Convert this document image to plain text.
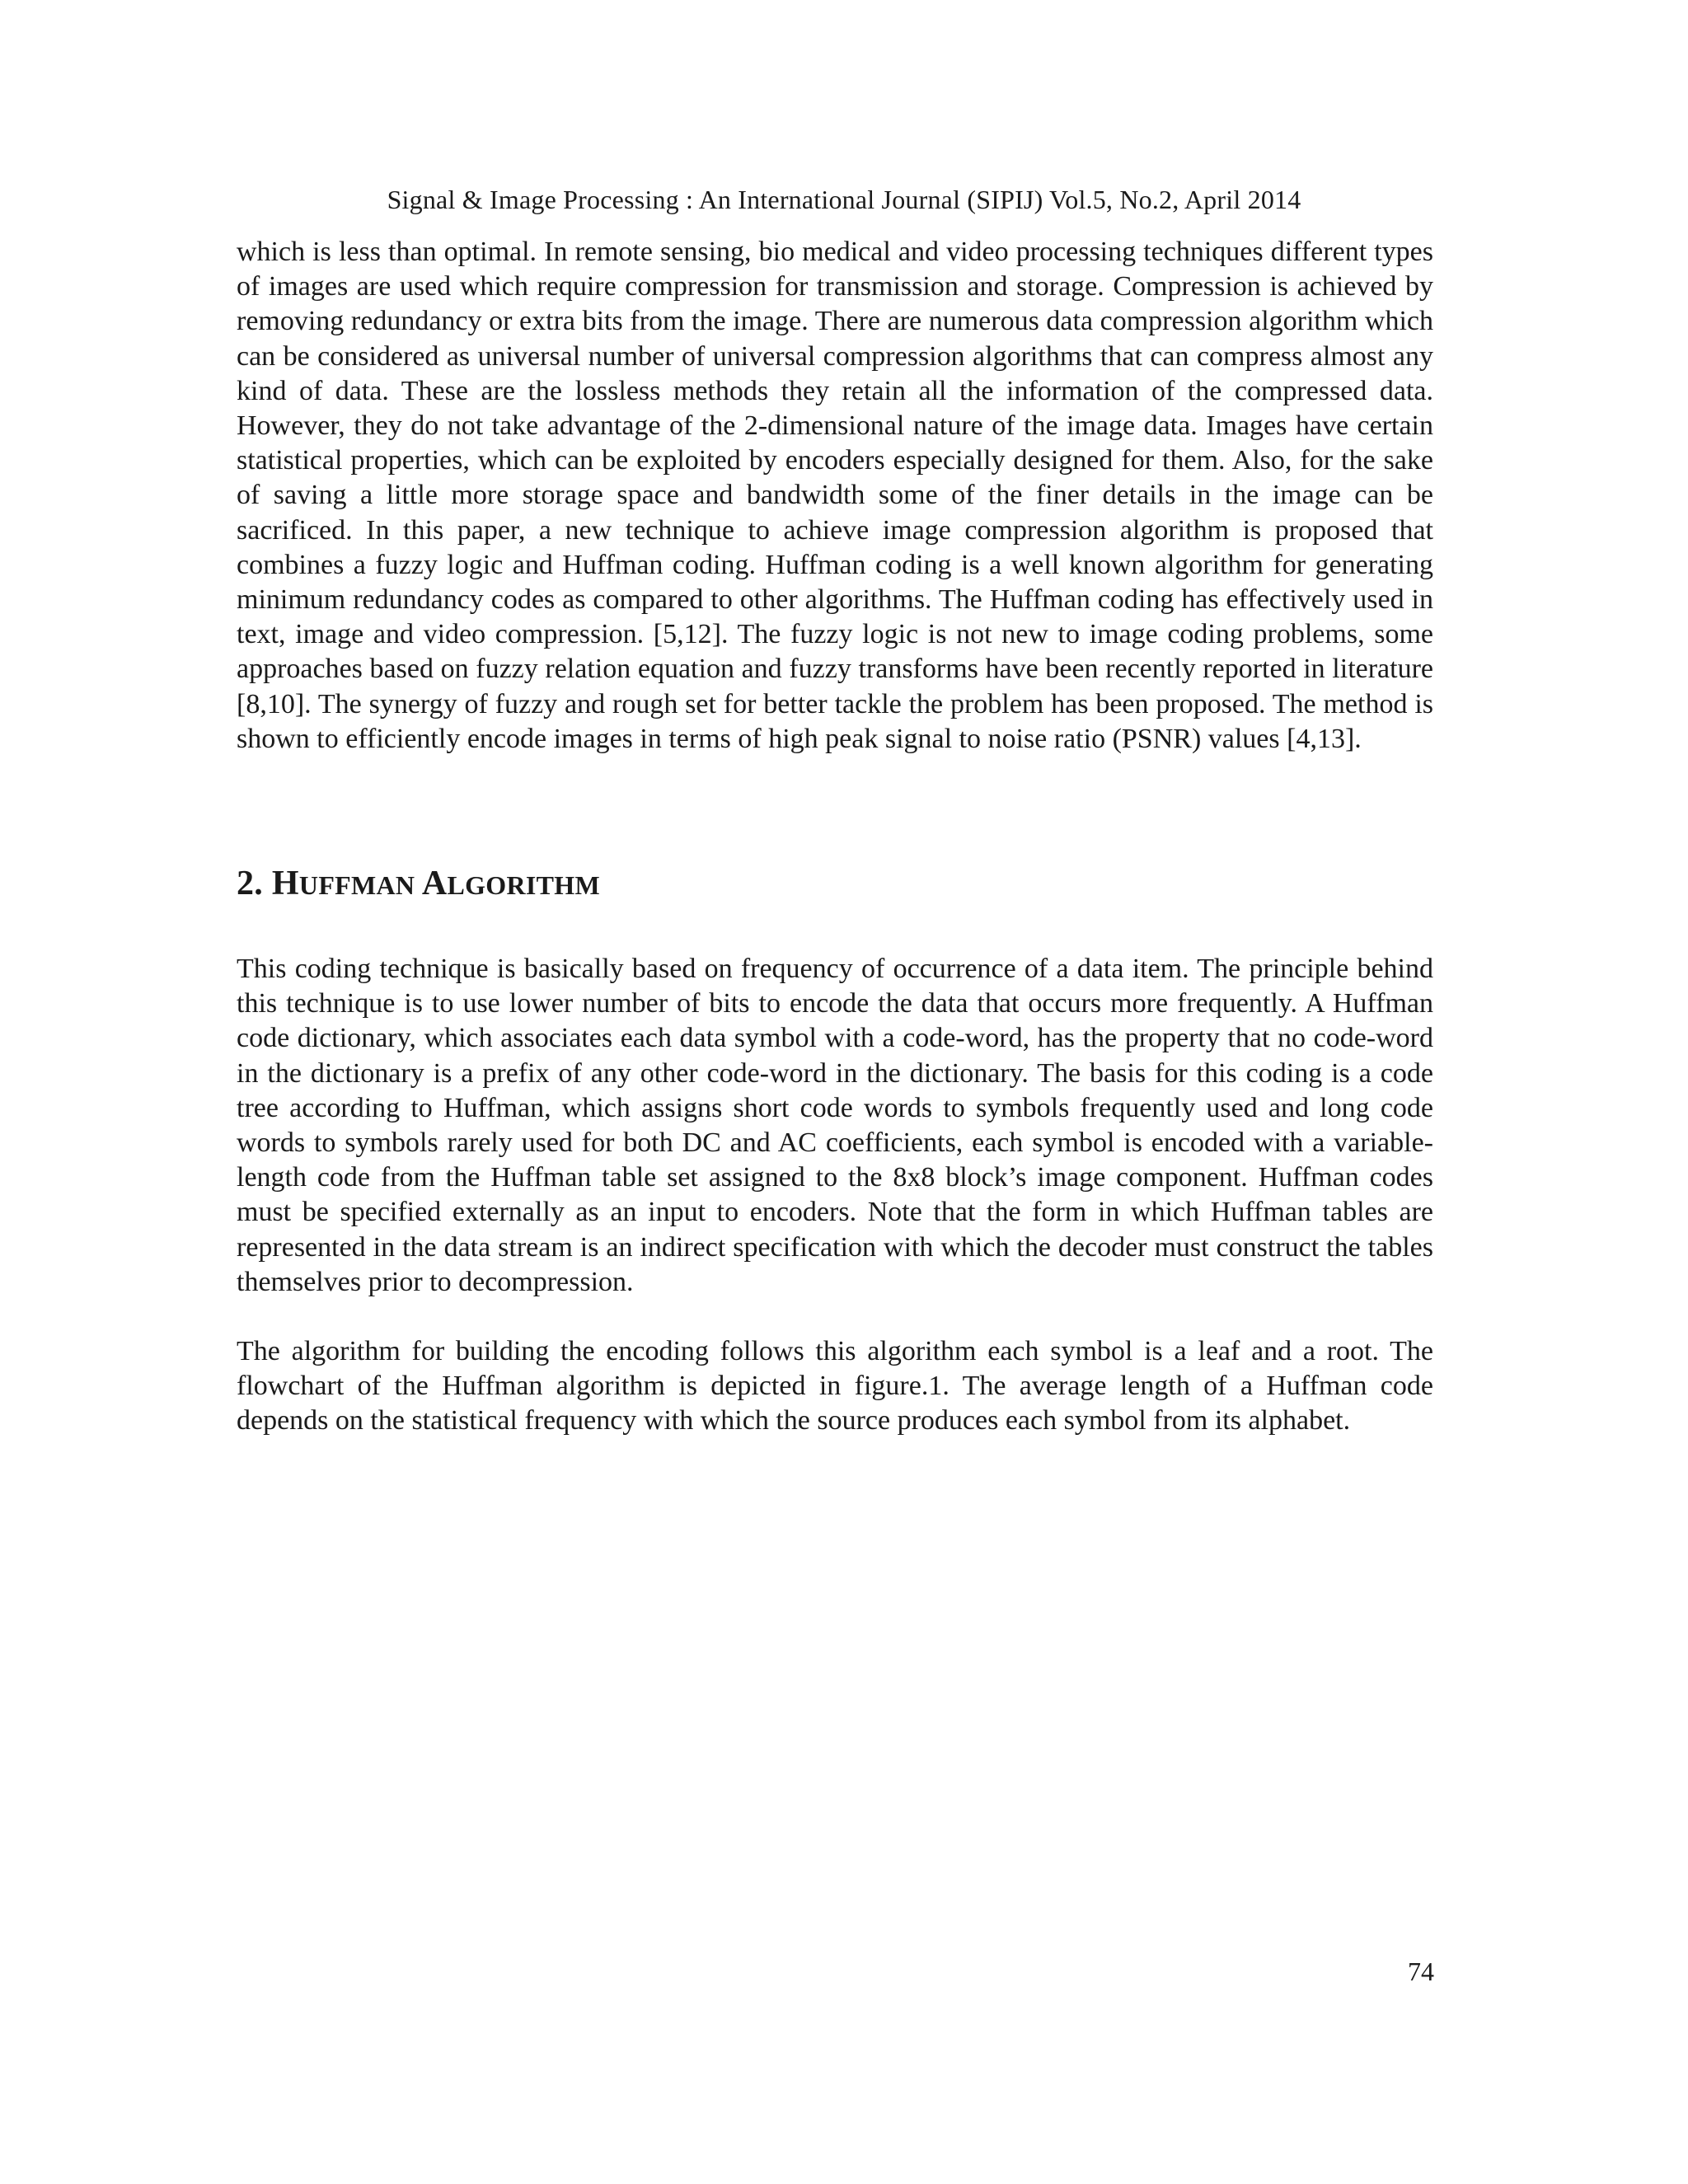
Signal & Image Processing : An International Journal (SIPIJ) Vol.5, No.2, April 2014

which is less than optimal. In remote sensing, bio medical and video processing techniques different types of images are used which require compression for transmission and storage. Compression is achieved by removing redundancy or extra bits from the image. There are numerous data compression algorithm which can be considered as universal number of universal compression algorithms that can compress almost any kind of data. These are the lossless methods they retain all the information of the compressed data. However, they do not take advantage of the 2-dimensional nature of the image data. Images have certain statistical properties, which can be exploited by encoders especially designed for them. Also, for the sake of saving a little more storage space and bandwidth some of the finer details in the image can be sacrificed. In this paper, a new technique to achieve image compression algorithm is proposed that combines a fuzzy logic and Huffman coding. Huffman coding is a well known algorithm for generating minimum redundancy codes as compared to other algorithms. The Huffman coding has effectively used in text, image and video compression. [5,12]. The fuzzy logic is not new to image coding problems, some approaches based on fuzzy relation equation and fuzzy transforms have been recently reported in literature [8,10]. The synergy of fuzzy and rough set for better tackle the problem has been proposed. The method is shown to efficiently encode images in terms of high peak signal to noise ratio (PSNR) values [4,13].

2. HUFFMAN ALGORITHM

This coding technique is basically based on frequency of occurrence of a data item. The principle behind this technique is to use lower number of bits to encode the data that occurs more frequently. A Huffman code dictionary, which associates each data symbol with a code-word, has the property that no code-word in the dictionary is a prefix of any other code-word in the dictionary. The basis for this coding is a code tree according to Huffman, which assigns short code words to symbols frequently used and long code words to symbols rarely used for both DC and AC coefficients, each symbol is encoded with a variable-length code from the Huffman table set assigned to the 8x8 block’s image component. Huffman codes must be specified externally as an input to encoders. Note that the form in which Huffman tables are represented in the data stream is an indirect specification with which the decoder must construct the tables themselves prior to decompression.

The algorithm for building the encoding follows this algorithm each symbol is a leaf and a root. The flowchart of the Huffman algorithm is depicted in figure.1. The average length of a Huffman code depends on the statistical frequency with which the source produces each symbol from its alphabet.

74
